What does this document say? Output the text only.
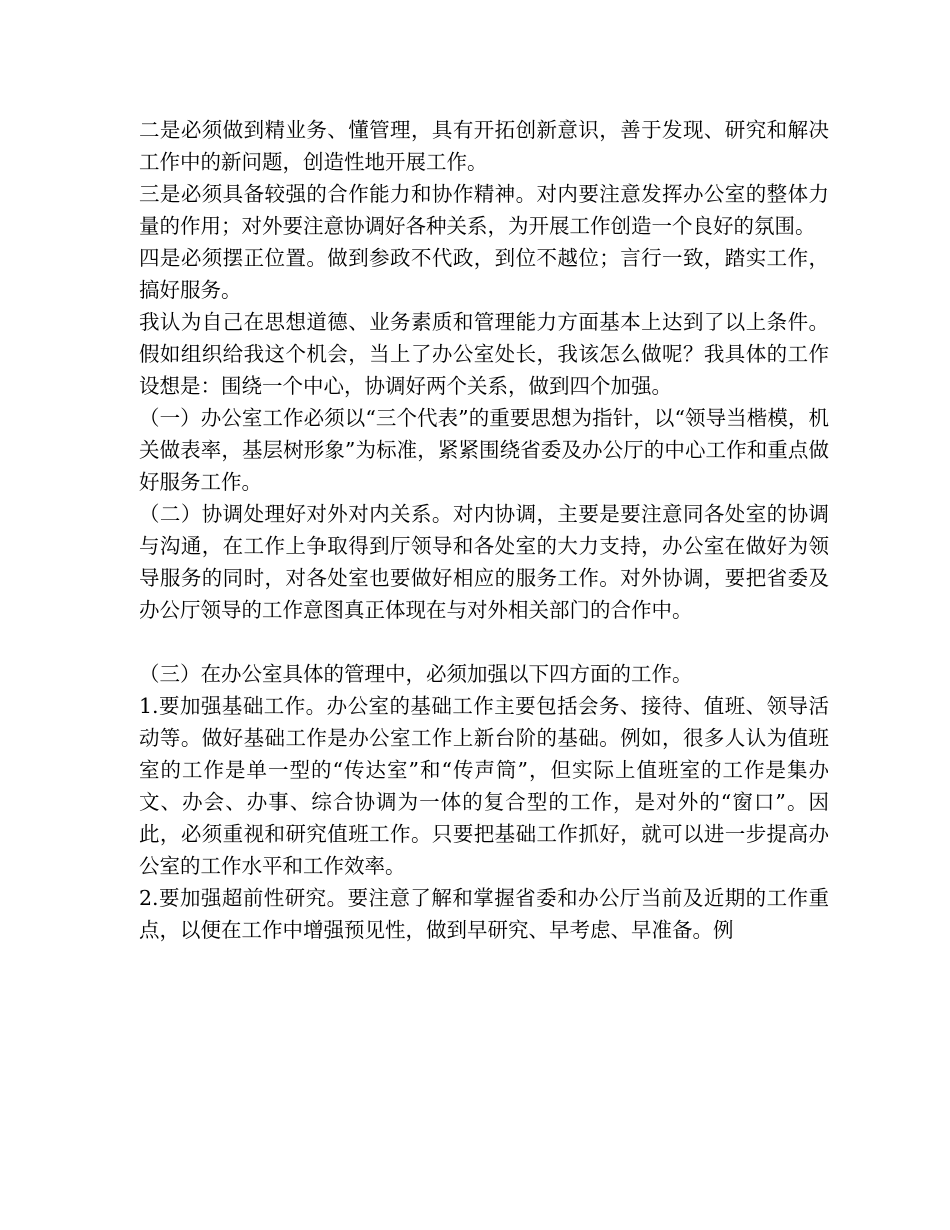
二是必须做到精业务、懂管理，具有开拓创新意识，善于发现、研究和解决工作中的新问题，创造性地开展工作。

三是必须具备较强的合作能力和协作精神。对内要注意发挥办公室的整体力量的作用；对外要注意协调好各种关系，为开展工作创造一个良好的氛围。

四是必须摆正位置。做到参政不代政，到位不越位；言行一致，踏实工作，搞好服务。

我认为自己在思想道德、业务素质和管理能力方面基本上达到了以上条件。假如组织给我这个机会，当上了办公室处长，我该怎么做呢？我具体的工作设想是：围绕一个中心，协调好两个关系，做到四个加强。

（一）办公室工作必须以“三个代表”的重要思想为指针，以“领导当楷模，机关做表率，基层树形象”为标准，紧紧围绕省委及办公厅的中心工作和重点做好服务工作。

（二）协调处理好对外对内关系。对内协调，主要是要注意同各处室的协调与沟通，在工作上争取得到厅领导和各处室的大力支持，办公室在做好为领导服务的同时，对各处室也要做好相应的服务工作。对外协调，要把省委及办公厅领导的工作意图真正体现在与对外相关部门的合作中。

（三）在办公室具体的管理中，必须加强以下四方面的工作。

1.要加强基础工作。办公室的基础工作主要包括会务、接待、值班、领导活动等。做好基础工作是办公室工作上新台阶的基础。例如，很多人认为值班室的工作是单一型的“传达室”和“传声筒”，但实际上值班室的工作是集办文、办会、办事、综合协调为一体的复合型的工作，是对外的“窗口”。因此，必须重视和研究值班工作。只要把基础工作抓好，就可以进一步提高办公室的工作水平和工作效率。

2.要加强超前性研究。要注意了解和掌握省委和办公厅当前及近期的工作重点，以便在工作中增强预见性，做到早研究、早考虑、早准备。例
